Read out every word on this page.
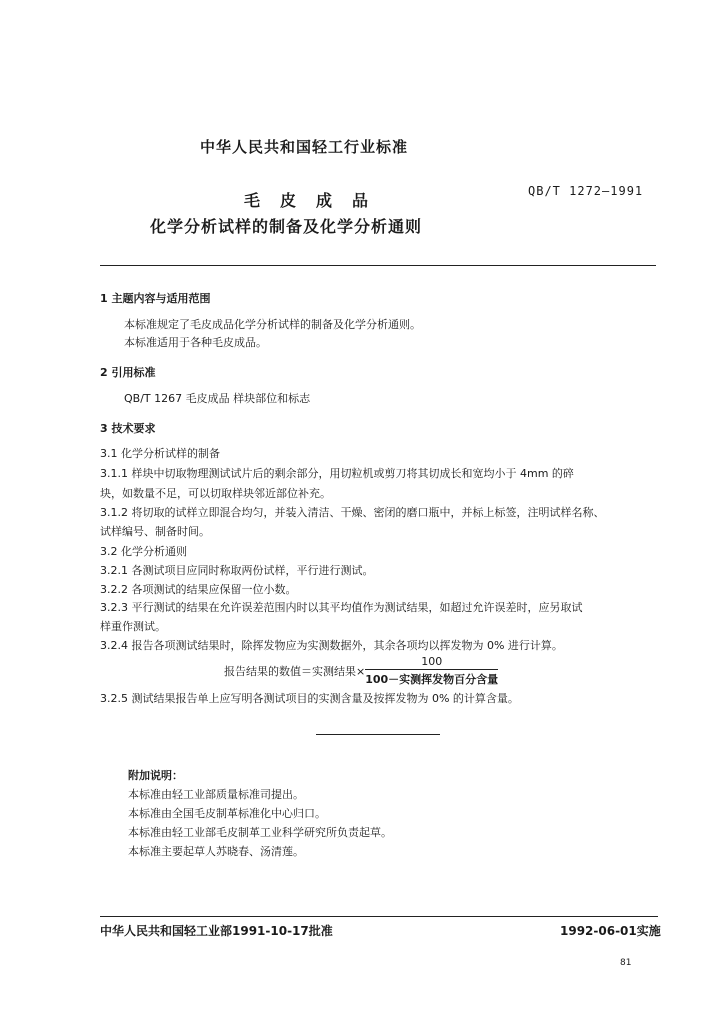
中华人民共和国轻工行业标准
毛皮成品	QB/T 1272—1991
化学分析试样的制备及化学分析通则
1 主题内容与适用范围
本标准规定了毛皮成品化学分析试样的制备及化学分析通则。
本标准适用于各种毛皮成品。
2 引用标准
QB/T 1267 毛皮成品 样块部位和标志
3 技术要求
3.1 化学分析试样的制备
3.1.1 样块中切取物理测试试片后的剩余部分，用切粒机或剪刀将其切成长和宽均小于 4mm 的碎
块，如数量不足，可以切取样块邻近部位补充。
3.1.2 将切取的试样立即混合均匀，并装入清洁、干燥、密闭的磨口瓶中，并标上标签，注明试样名称、
试样编号、制备时间。
3.2 化学分析通则
3.2.1 各测试项目应同时称取两份试样，平行进行测试。
3.2.2 各项测试的结果应保留一位小数。
3.2.3 平行测试的结果在允许误差范围内时以其平均值作为测试结果，如超过允许误差时，应另取试
样重作测试。
3.2.4 报告各项测试结果时，除挥发物应为实测数据外，其余各项均以挥发物为 0% 进行计算。
报告结果的数值＝实测结果× $\frac{100}{\text{100－实测挥发物百分含量}}$
3.2.5 测试结果报告单上应写明各测试项目的实测含量及按挥发物为 0% 的计算含量。
附加说明：
本标准由轻工业部质量标准司提出。
本标准由全国毛皮制革标准化中心归口。
本标准由轻工业部毛皮制革工业科学研究所负责起草。
本标准主要起草人苏晓春、汤清莲。
中华人民共和国轻工业部1991-10-17批准	1992-06-01实施
81
